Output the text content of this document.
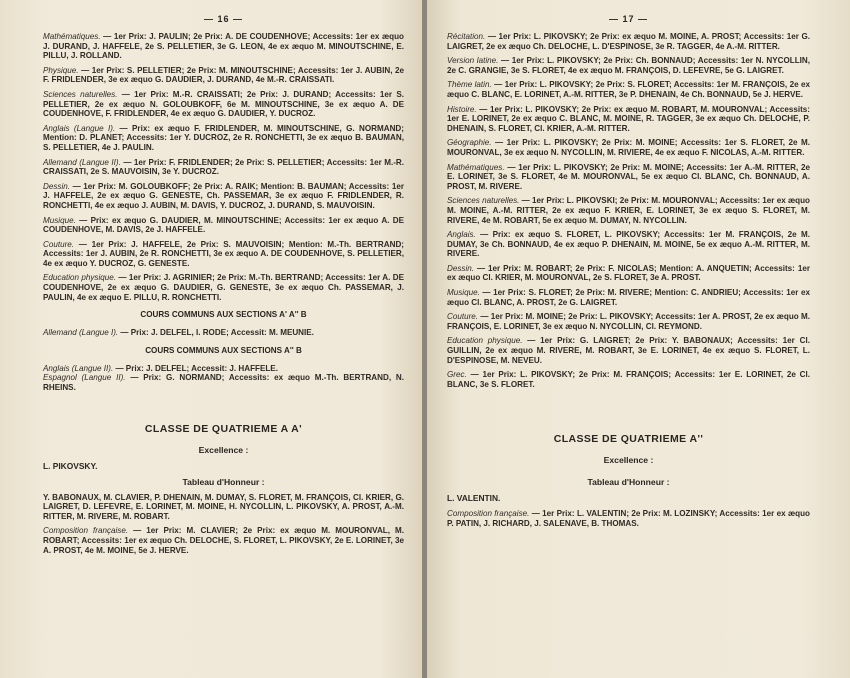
— 16 —

Mathématiques. — 1er Prix: J. PAULIN; 2e Prix: A. DE COUDENHOVE; Accessits: 1er ex æquo J. DURAND, J. HAFFELE, 2e S. PELLETIER, 3e G. LEON, 4e ex æquo M. MINOUTSCHINE, E. PILLU, J. ROLLAND.

Physique. — 1er Prix: S. PELLETIER; 2e Prix: M. MINOUTSCHINE; Accessits: 1er J. AUBIN, 2e F. FRIDLENDER, 3e ex æquo G. DAUDIER, J. DURAND, 4e M.-R. CRAISSATI.

Sciences naturelles. — 1er Prix: M.-R. CRAISSATI; 2e Prix: J. DURAND; Accessits: 1er S. PELLETIER, 2e ex æquo N. GOLOUBKOFF, 6e M. MINOUTSCHINE, 3e ex æquo A. DE COUDENHOVE, F. FRIDLENDER, 4e ex æquo G. DAUDIER, Y. DUCROZ.

Anglais (Langue I). — Prix: ex æquo F. FRIDLENDER, M. MINOUTSCHINE, G. NORMAND; Mention: D. PLANET; Accessits: 1er Y. DUCROZ, 2e R. RONCHETTI, 3e ex æquo B. BAUMAN, S. PELLETIER, 4e J. PAULIN.

Allemand (Langue II). — 1er Prix: F. FRIDLENDER; 2e Prix: S. PELLETIER; Accessits: 1er M.-R. CRAISSATI, 2e S. MAUVOISIN, 3e Y. DUCROZ.

Dessin. — 1er Prix: M. GOLOUBKOFF; 2e Prix: A. RAIK; Mention: B. BAUMAN; Accessits: 1er J. HAFFELE, 2e ex æquo G. GENESTE, Ch. PASSEMAR, 3e ex æquo F. FRIDLENDER, R. RONCHETTI, 4e ex æquo J. AUBIN, M. DAVIS, Y. DUCROZ, J. DURAND, S. MAUVOISIN.

Musique. — Prix: ex æquo G. DAUDIER, M. MINOUTSCHINE; Accessits: 1er ex æquo A. DE COUDENHOVE, M. DAVIS, 2e J. HAFFELE.

Couture. — 1er Prix: J. HAFFELE, 2e Prix: S. MAUVOISIN; Mention: M.-Th. BERTRAND; Accessits: 1er J. AUBIN, 2e R. RONCHETTI, 3e ex æquo A. DE COUDENHOVE, S. PELLETIER, 4e ex æquo Y. DUCROZ, G. GENESTE.

Education physique. — 1er Prix: J. AGRINIER; 2e Prix: M.-Th. BERTRAND; Accessits: 1er A. DE COUDENHOVE, 2e ex æquo G. DAUDIER, G. GENESTE, 3e ex æquo Ch. PASSEMAR, J. PAULIN, 4e ex æquo E. PILLU, R. RONCHETTI.

COURS COMMUNS AUX SECTIONS A' A'' B

Allemand (Langue I). — Prix: J. DELFEL, I. RODE; Accessit: M. MEUNIE.

COURS COMMUNS AUX SECTIONS A'' B

Anglais (Langue II). — Prix: J. DELFEL; Accessit: J. HAFFELE.

Espagnol (Langue II). — Prix: G. NORMAND; Accessits: ex æquo M.-Th. BERTRAND, N. RHEINS.

CLASSE DE QUATRIEME A A'
Excellence :
L. PIKOVSKY.
Tableau d'Honneur :

Y. BABONAUX, M. CLAVIER, P. DHENAIN, M. DUMAY, S. FLORET, M. FRANÇOIS, Cl. KRIER, G. LAIGRET, D. LEFEVRE, E. LORINET, M. MOINE, H. NYCOLLIN, L. PIKOVSKY, A. PROST, A.-M. RITTER, M. RIVERE, M. ROBART.

Composition française. — 1er Prix: M. CLAVIER; 2e Prix: ex æquo M. MOURONVAL, M. ROBART; Accessits: 1er ex æquo Ch. DELOCHE, S. FLORET, L. PIKOVSKY, 2e E. LORINET, 3e A. PROST, 4e M. MOINE, 5e J. HERVE.

— 17 —

Récitation. — 1er Prix: L. PIKOVSKY; 2e Prix: ex æquo M. MOINE, A. PROST; Accessits: 1er G. LAIGRET, 2e ex æquo Ch. DELOCHE, L. D'ESPINOSE, 3e R. TAGGER, 4e A.-M. RITTER.

Version latine. — 1er Prix: L. PIKOVSKY; 2e Prix: Ch. BONNAUD; Accessits: 1er N. NYCOLLIN, 2e C. GRANGIE, 3e S. FLORET, 4e ex æquo M. FRANÇOIS, D. LEFEVRE, 5e G. LAIGRET.

Thème latin. — 1er Prix: L. PIKOVSKY; 2e Prix: S. FLORET; Accessits: 1er M. FRANÇOIS, 2e ex æquo C. BLANC, E. LORINET, A.-M. RITTER, 3e P. DHENAIN, 4e Ch. BONNAUD, 5e J. HERVE.

Histoire. — 1er Prix: L. PIKOVSKY; 2e Prix: ex æquo M. ROBART, M. MOURONVAL; Accessits: 1er E. LORINET, 2e ex æquo C. BLANC, M. MOINE, R. TAGGER, 3e ex æquo Ch. DELOCHE, P. DHENAIN, S. FLORET, Cl. KRIER, A.-M. RITTER.

Géographie. — 1er Prix: L. PIKOVSKY; 2e Prix: M. MOINE; Accessits: 1er S. FLORET, 2e M. MOURONVAL, 3e ex æquo N. NYCOLLIN, M. RIVIERE, 4e ex æquo F. NICOLAS, A.-M. RITTER.

Mathématiques. — 1er Prix: L. PIKOVSKY; 2e Prix: M. MOINE; Accessits: 1er A.-M. RITTER, 2e E. LORINET, 3e S. FLORET, 4e M. MOURONVAL, 5e ex æquo Cl. BLANC, Ch. BONNAUD, A. PROST, M. RIVERE.

Sciences naturelles. — 1er Prix: L. PIKOVSKI; 2e Prix: M. MOURONVAL; Accessits: 1er ex æquo M. MOINE, A.-M. RITTER, 2e ex æquo F. KRIER, E. LORINET, 3e ex æquo S. FLORET, M. RIVERE, 4e M. ROBART, 5e ex æquo M. DUMAY, N. NYCOLLIN.

Anglais. — Prix: ex æquo S. FLORET, L. PIKOVSKY; Accessits: 1er M. FRANÇOIS, 2e M. DUMAY, 3e Ch. BONNAUD, 4e ex æquo P. DHENAIN, M. MOINE, 5e ex æquo A.-M. RITTER, M. RIVERE.

Dessin. — 1er Prix: M. ROBART; 2e Prix: F. NICOLAS; Mention: A. ANQUETIN; Accessits: 1er ex æquo Cl. KRIER, M. MOURONVAL, 2e S. FLORET, 3e A. PROST.

Musique. — 1er Prix: S. FLORET; 2e Prix: M. RIVERE; Mention: C. ANDRIEU; Accessits: 1er ex æquo Cl. BLANC, A. PROST, 2e G. LAIGRET.

Couture. — 1er Prix: M. MOINE; 2e Prix: L. PIKOVSKY; Accessits: 1er A. PROST, 2e ex æquo M. FRANÇOIS, E. LORINET, 3e ex æquo N. NYCOLLIN, Cl. REYMOND.

Education physique. — 1er Prix: G. LAIGRET; 2e Prix: Y. BABONAUX; Accessits: 1er Cl. GUILLIN, 2e ex æquo M. RIVERE, M. ROBART, 3e E. LORINET, 4e ex æquo S. FLORET, L. D'ESPINOSE, M. NEVEU.

Grec. — 1er Prix: L. PIKOVSKY; 2e Prix: M. FRANÇOIS; Accessits: 1er E. LORINET, 2e Cl. BLANC, 3e S. FLORET.

CLASSE DE QUATRIEME A''
Excellence :
Tableau d'Honneur :
L. VALENTIN.

Composition française. — 1er Prix: L. VALENTIN; 2e Prix: M. LOZINSKY; Accessits: 1er ex æquo P. PATIN, J. RICHARD, J. SALENAVE, B. THOMAS.
